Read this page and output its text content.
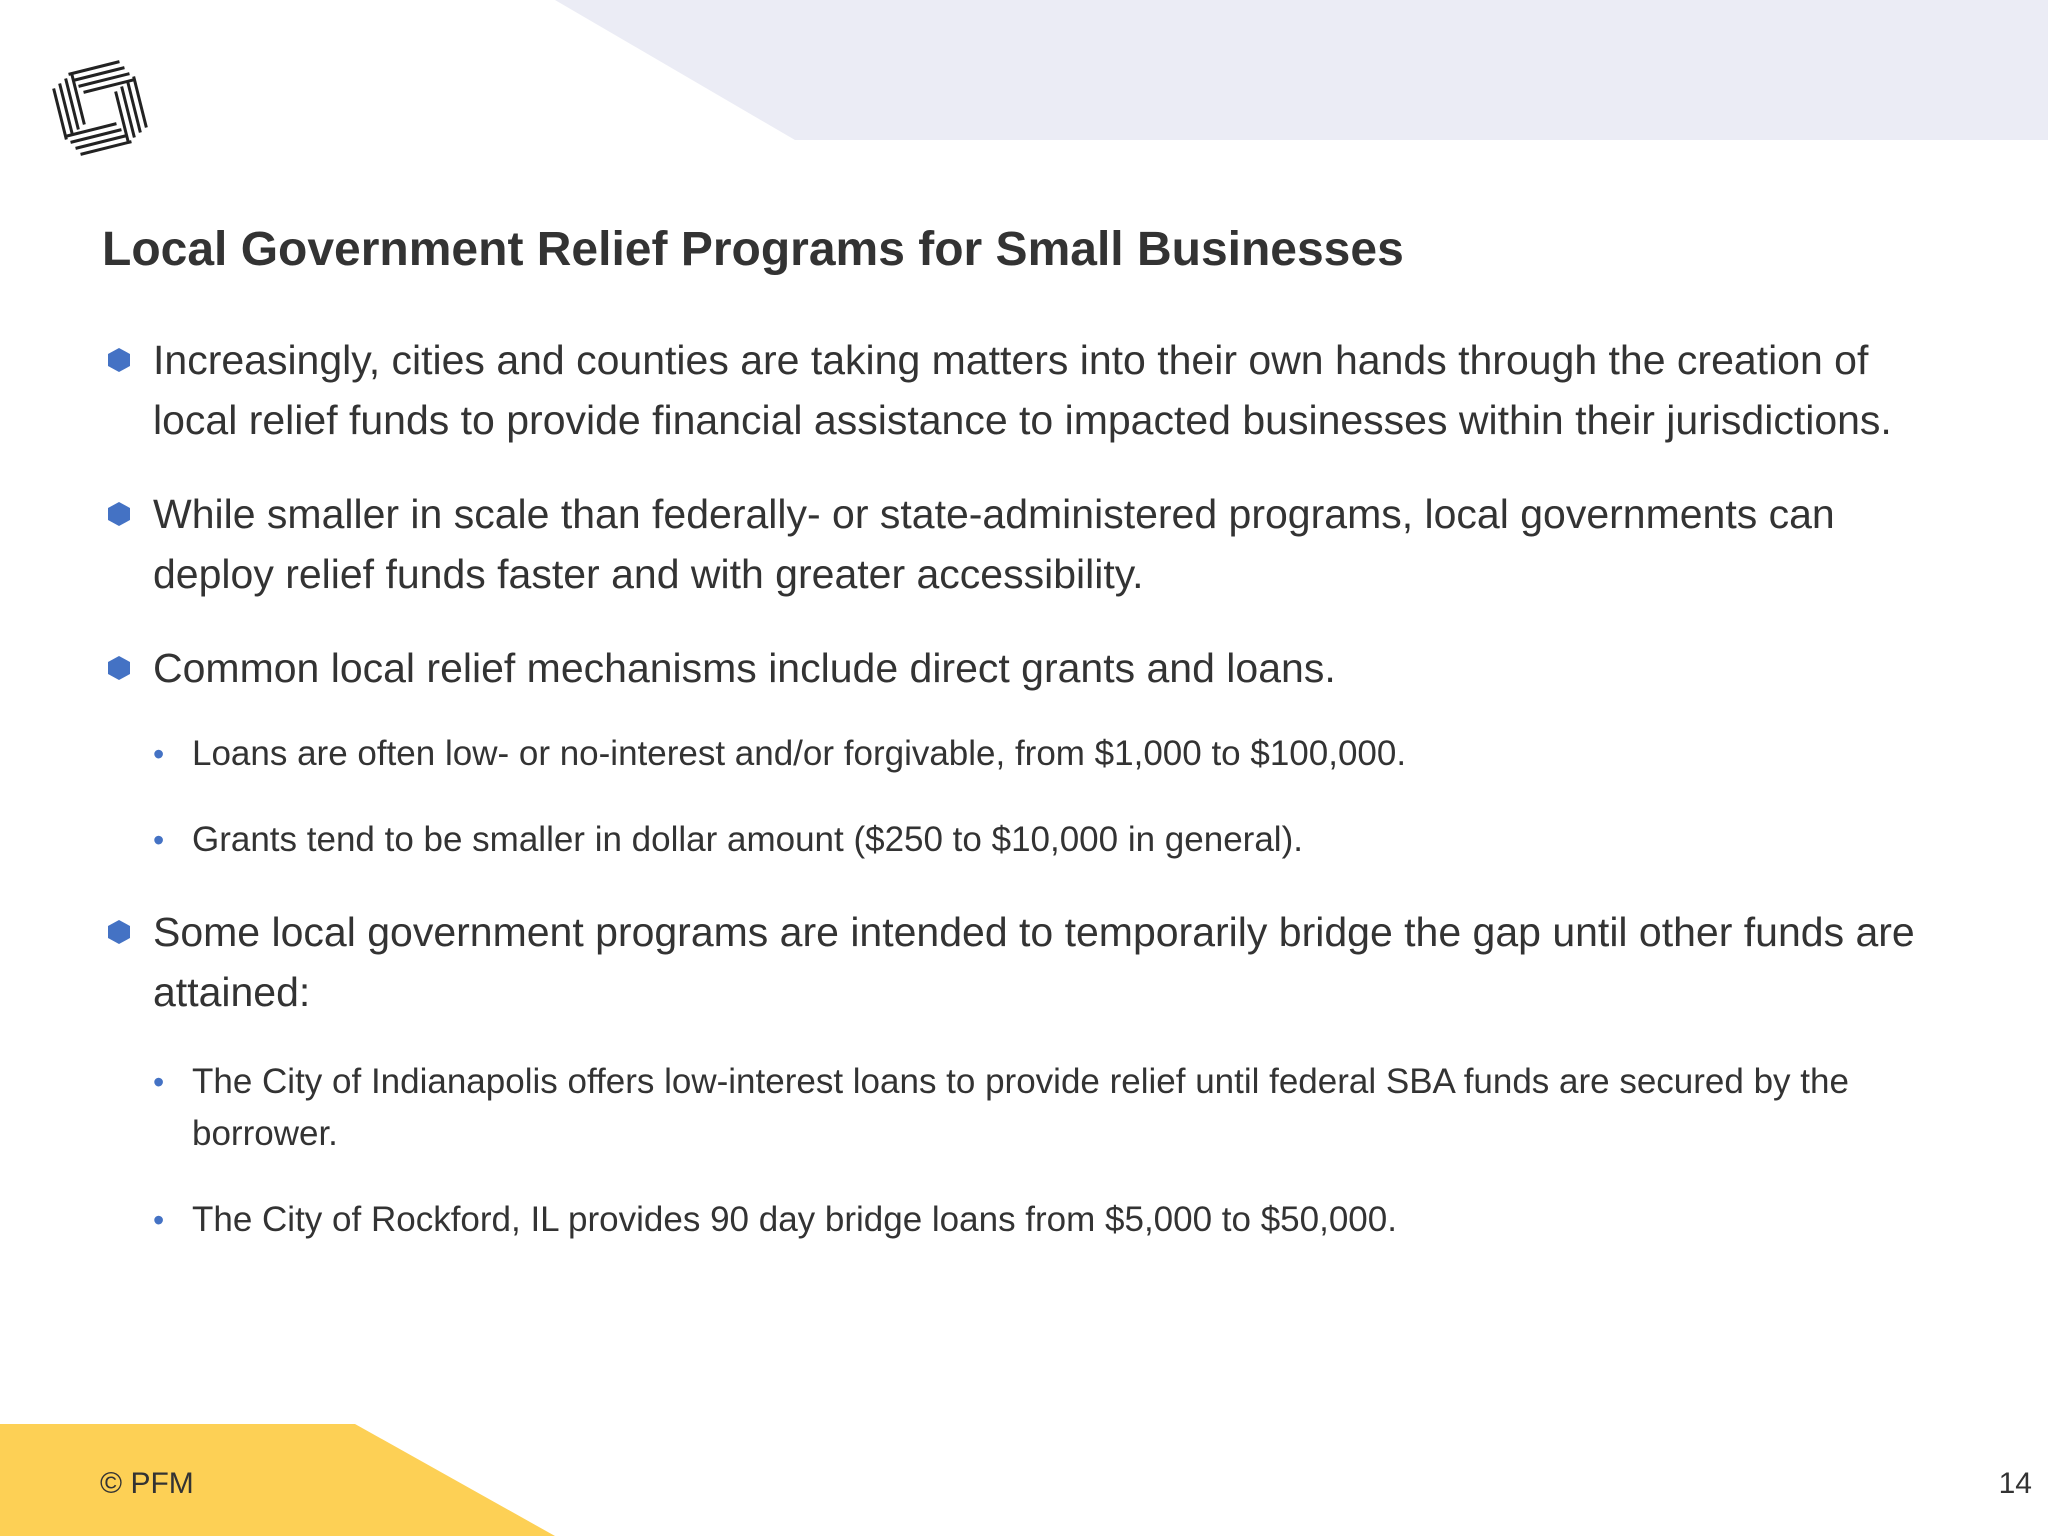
Local Government Relief Programs for Small Businesses
Increasingly, cities and counties are taking matters into their own hands through the creation of local relief funds to provide financial assistance to impacted businesses within their jurisdictions.
While smaller in scale than federally- or state-administered programs, local governments can deploy relief funds faster and with greater accessibility.
Common local relief mechanisms include direct grants and loans.
• Loans are often low- or no-interest and/or forgivable, from $1,000 to $100,000.
• Grants tend to be smaller in dollar amount ($250 to $10,000 in general).
Some local government programs are intended to temporarily bridge the gap until other funds are attained:
• The City of Indianapolis offers low-interest loans to provide relief until federal SBA funds are secured by the borrower.
• The City of Rockford, IL provides 90 day bridge loans from $5,000 to $50,000.
© PFM	14
